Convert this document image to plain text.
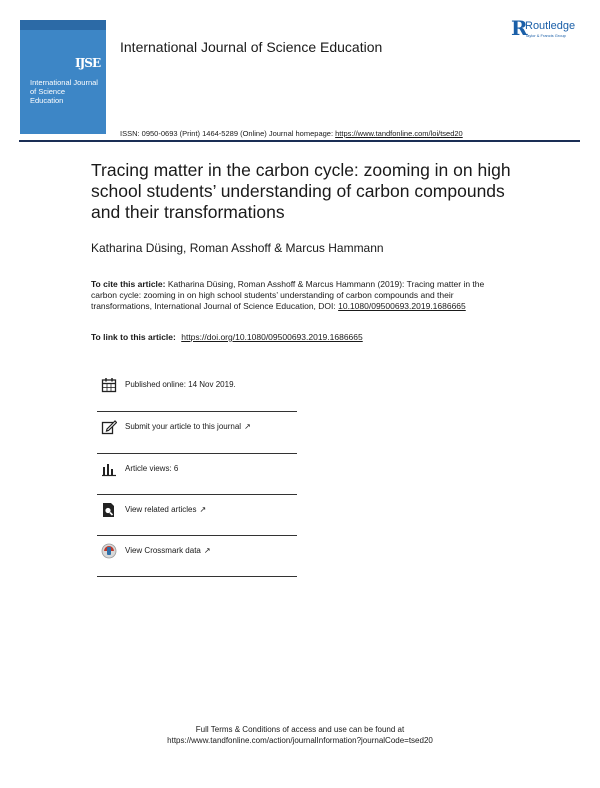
IJSE
International Journal of Science Education
International Journal of Science Education
R
Routledge
Taylor & Francis Group
ISSN: 0950-0693 (Print) 1464-5289 (Online) Journal homepage: https://www.tandfonline.com/loi/tsed20
Tracing matter in the carbon cycle: zooming in on high school students’ understanding of carbon compounds and their transformations
Katharina Düsing, Roman Asshoff & Marcus Hammann
To cite this article: Katharina Düsing, Roman Asshoff & Marcus Hammann (2019): Tracing matter in the carbon cycle: zooming in on high school students’ understanding of carbon compounds and their transformations, International Journal of Science Education, DOI: 10.1080/09500693.2019.1686665
To link to this article: https://doi.org/10.1080/09500693.2019.1686665
Published online: 14 Nov 2019.
Submit your article to this journal ↗
Article views: 6
View related articles ↗
View Crossmark data ↗
Full Terms & Conditions of access and use can be found at
https://www.tandfonline.com/action/journalInformation?journalCode=tsed20
